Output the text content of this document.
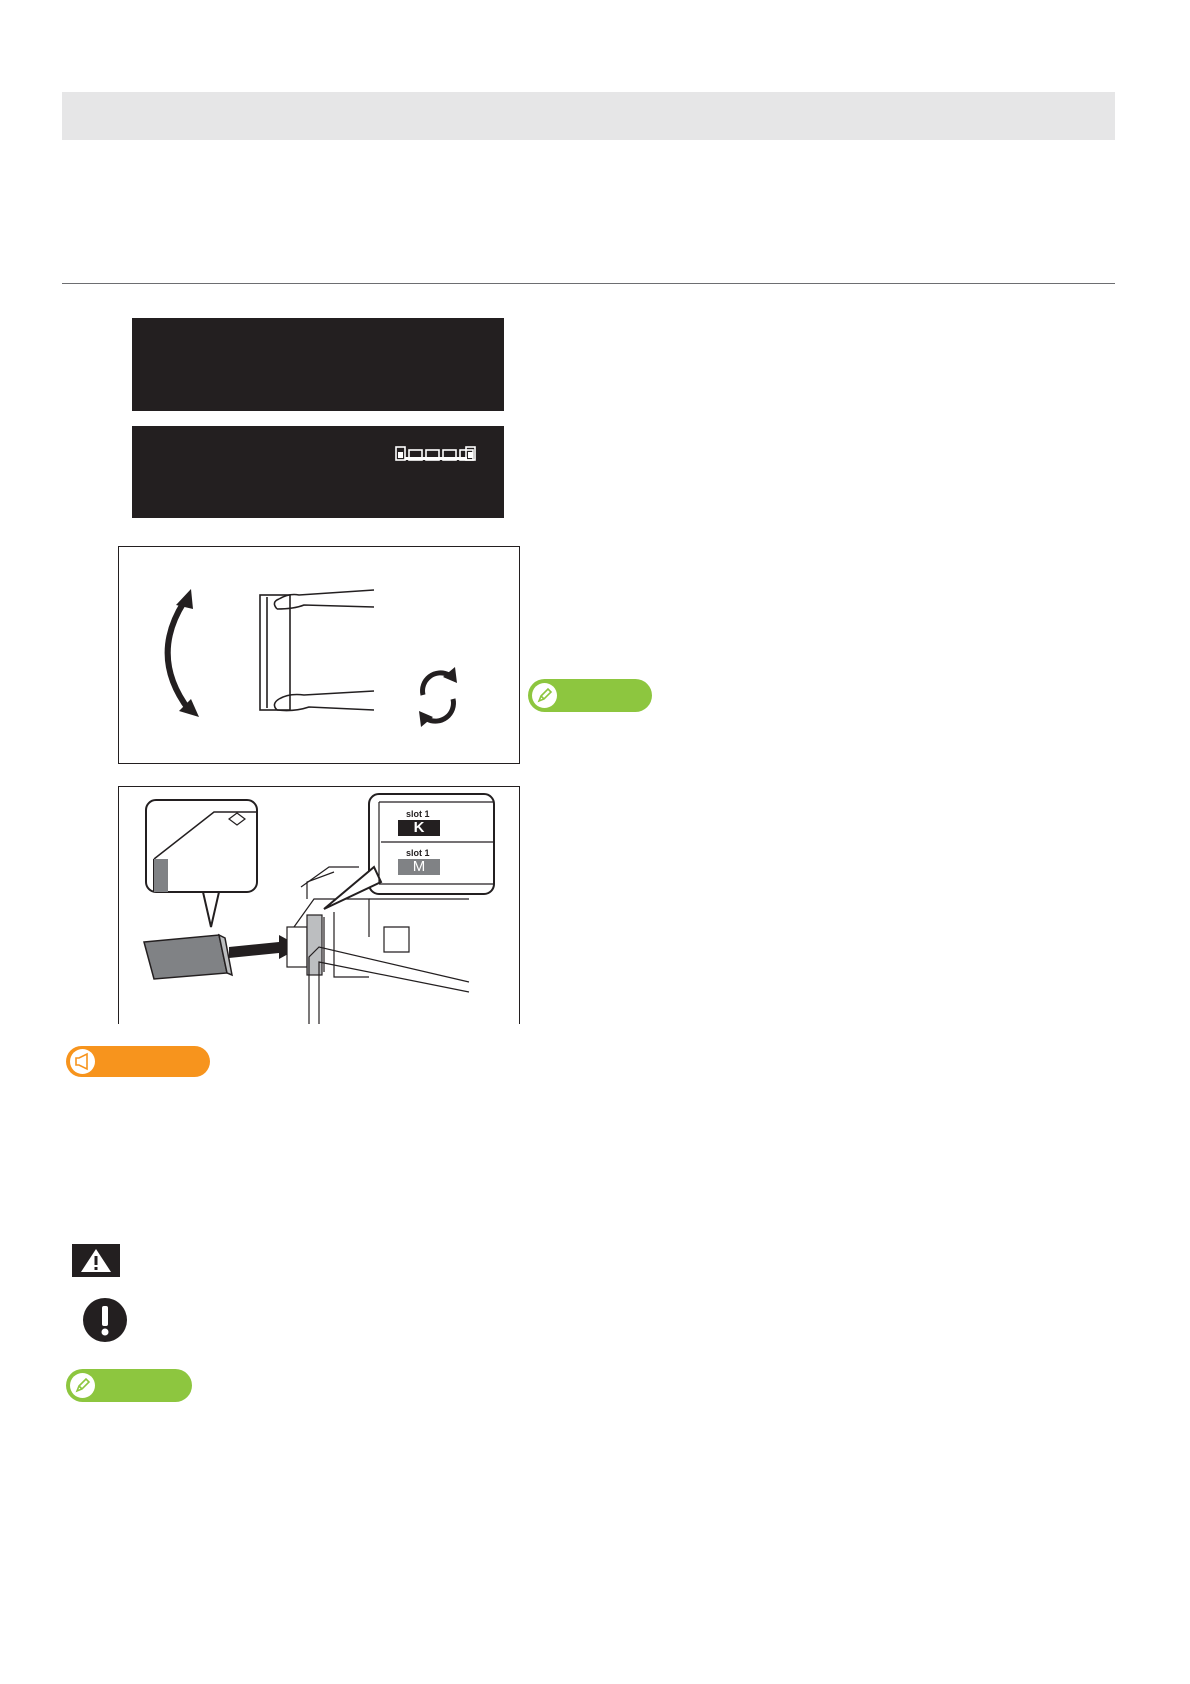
slot 1
K
slot 1
M
